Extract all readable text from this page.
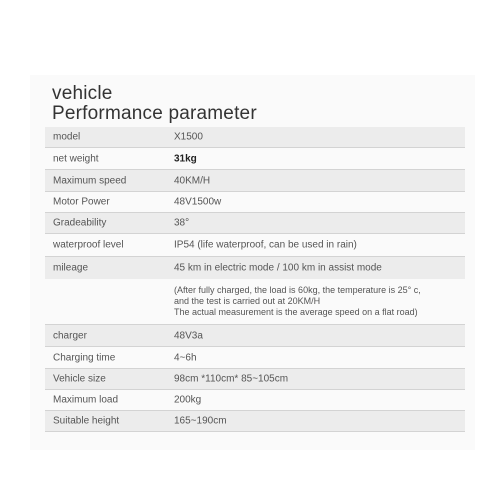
vehicle
Performance parameter
model	X1500
net weight	31kg
Maximum speed	40KM/H
Motor Power	48V1500w
Gradeability	38°
waterproof level	IP54 (life waterproof, can be used in rain)
mileage	45 km in electric mode / 100 km in assist mode
(After fully charged, the load is 60kg, the temperature is 25° c,
and the test is carried out at 20KM/H
The actual measurement is the average speed on a flat road)
charger	48V3a
Charging time	4~6h
Vehicle size	98cm *110cm* 85~105cm
Maximum load	200kg
Suitable height	165~190cm
